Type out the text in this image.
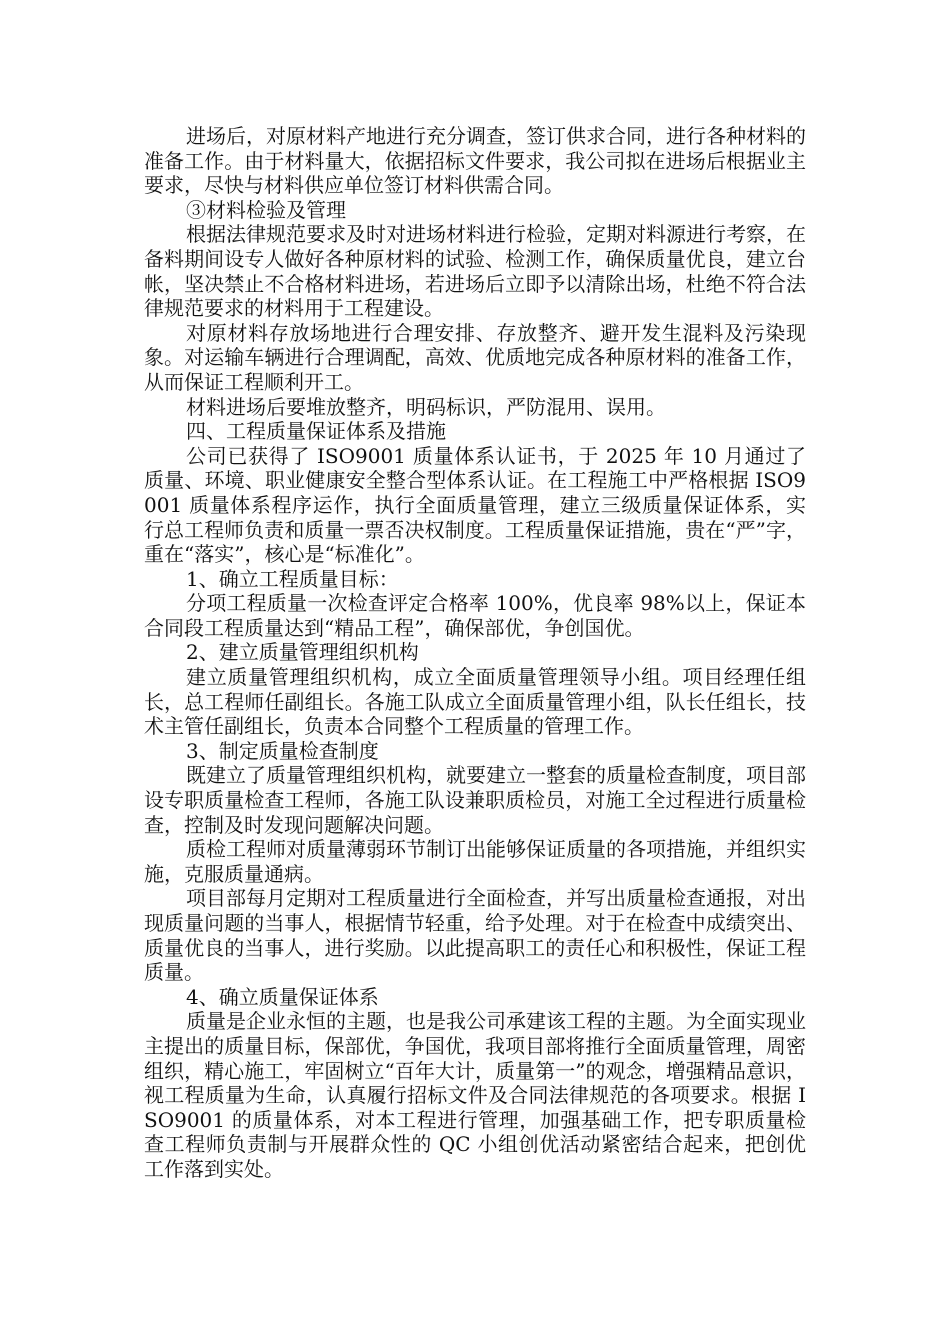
进场后，对原材料产地进行充分调查，签订供求合同，进行各种材料的准备工作。由于材料量大，依据招标文件要求，我公司拟在进场后根据业主要求，尽快与材料供应单位签订材料供需合同。

③材料检验及管理

根据法律规范要求及时对进场材料进行检验，定期对料源进行考察，在备料期间设专人做好各种原材料的试验、检测工作，确保质量优良，建立台帐，坚决禁止不合格材料进场，若进场后立即予以清除出场，杜绝不符合法律规范要求的材料用于工程建设。

对原材料存放场地进行合理安排、存放整齐、避开发生混料及污染现象。对运输车辆进行合理调配，高效、优质地完成各种原材料的准备工作，从而保证工程顺利开工。

材料进场后要堆放整齐，明码标识，严防混用、误用。

四、工程质量保证体系及措施

公司已获得了 ISO9001 质量体系认证书，于 2025 年 10 月通过了质量、环境、职业健康安全整合型体系认证。在工程施工中严格根据 ISO9001 质量体系程序运作，执行全面质量管理，建立三级质量保证体系，实行总工程师负责和质量一票否决权制度。工程质量保证措施，贵在“严”字，重在“落实”，核心是“标准化”。

1、确立工程质量目标：

分项工程质量一次检查评定合格率 100%，优良率 98%以上，保证本合同段工程质量达到“精品工程”，确保部优，争创国优。

2、建立质量管理组织机构

建立质量管理组织机构，成立全面质量管理领导小组。项目经理任组长，总工程师任副组长。各施工队成立全面质量管理小组，队长任组长，技术主管任副组长，负责本合同整个工程质量的管理工作。

3、制定质量检查制度

既建立了质量管理组织机构，就要建立一整套的质量检查制度，项目部设专职质量检查工程师，各施工队设兼职质检员，对施工全过程进行质量检查，控制及时发现问题解决问题。

质检工程师对质量薄弱环节制订出能够保证质量的各项措施，并组织实施，克服质量通病。

项目部每月定期对工程质量进行全面检查，并写出质量检查通报，对出现质量问题的当事人，根据情节轻重，给予处理。对于在检查中成绩突出、质量优良的当事人，进行奖励。以此提高职工的责任心和积极性，保证工程质量。

4、确立质量保证体系

质量是企业永恒的主题，也是我公司承建该工程的主题。为全面实现业主提出的质量目标，保部优，争国优，我项目部将推行全面质量管理，周密组织，精心施工，牢固树立“百年大计，质量第一”的观念，增强精品意识，视工程质量为生命，认真履行招标文件及合同法律规范的各项要求。根据 ISO9001 的质量体系，对本工程进行管理，加强基础工作，把专职质量检查工程师负责制与开展群众性的 QC 小组创优活动紧密结合起来，把创优工作落到实处。
